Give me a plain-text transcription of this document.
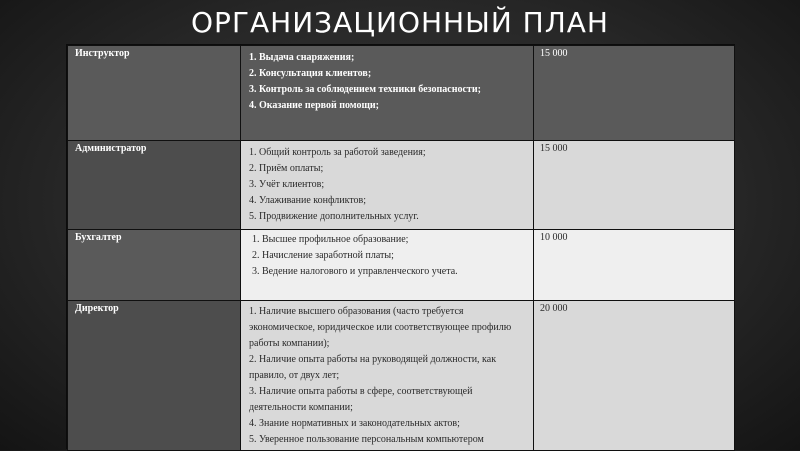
ОРГАНИЗАЦИОННЫЙ ПЛАН
Инструктор	1. Выдача снаряжения;
2. Консультация клиентов;
3. Контроль за соблюдением техники безопасности;
4. Оказание первой помощи;	15 000

Администратор	1. Общий контроль за работой заведения;
2. Приём оплаты;
3. Учёт клиентов;
4. Улаживание конфликтов;
5. Продвижение дополнительных услуг.	15 000

Бухгалтер	1. Высшее профильное образование;
2. Начисление заработной платы;
3. Ведение налогового и управленческого учета.	10 000

Директор	1. Наличие высшего образования (часто требуется экономическое, юридическое или соответствующее профилю работы компании);
2. Наличие опыта работы на руководящей должности, как правило, от двух лет;
3. Наличие опыта работы в сфере, соответствующей деятельности компании;
4. Знание нормативных и законодательных актов;
5. Уверенное пользование персональным компьютером	20 000
